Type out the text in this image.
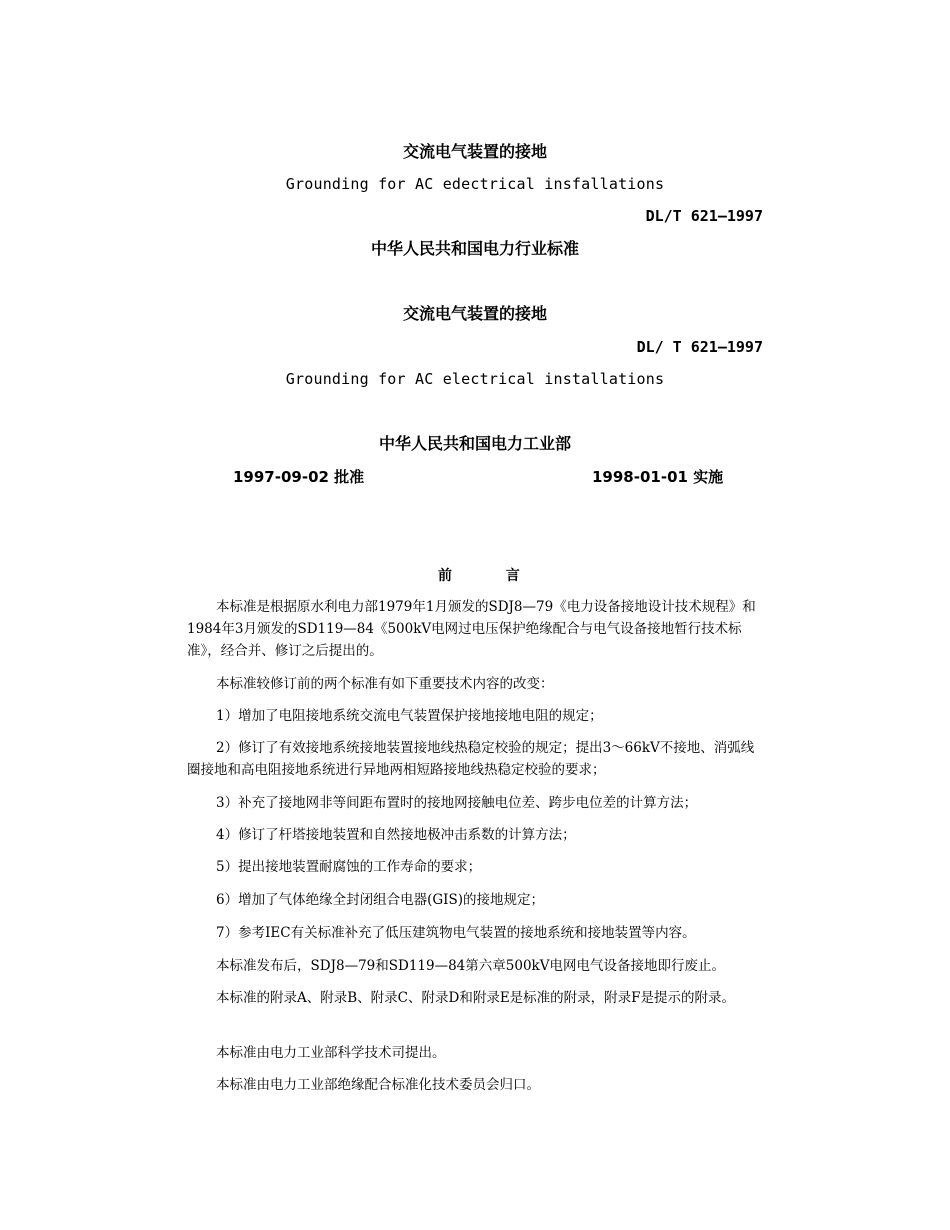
交流电气装置的接地
Grounding for AC edectrical insfallations
DL/T 621—1997
中华人民共和国电力行业标准
交流电气装置的接地
DL/ T 621—1997
Grounding for AC electrical installations
中华人民共和国电力工业部
1997-09-02 批准	1998-01-01 实施
前	言

本标准是根据原水利电力部1979年1月颁发的SDJ8—79《电力设备接地设计技术规程》和1984年3月颁发的SD119—84《500kV电网过电压保护绝缘配合与电气设备接地暂行技术标准》，经合并、修订之后提出的。

本标准较修订前的两个标准有如下重要技术内容的改变：

1）增加了电阻接地系统交流电气装置保护接地接地电阻的规定；

2）修订了有效接地系统接地装置接地线热稳定校验的规定；提出3～66kV不接地、消弧线圈接地和高电阻接地系统进行异地两相短路接地线热稳定校验的要求；

3）补充了接地网非等间距布置时的接地网接触电位差、跨步电位差的计算方法；

4）修订了杆塔接地装置和自然接地极冲击系数的计算方法；

5）提出接地装置耐腐蚀的工作寿命的要求；

6）增加了气体绝缘全封闭组合电器(GIS)的接地规定；

7）参考IEC有关标准补充了低压建筑物电气装置的接地系统和接地装置等内容。

本标准发布后，SDJ8—79和SD119—84第六章500kV电网电气设备接地即行废止。

本标准的附录A、附录B、附录C、附录D和附录E是标准的附录，附录F是提示的附录。

本标准由电力工业部科学技术司提出。

本标准由电力工业部绝缘配合标准化技术委员会归口。
